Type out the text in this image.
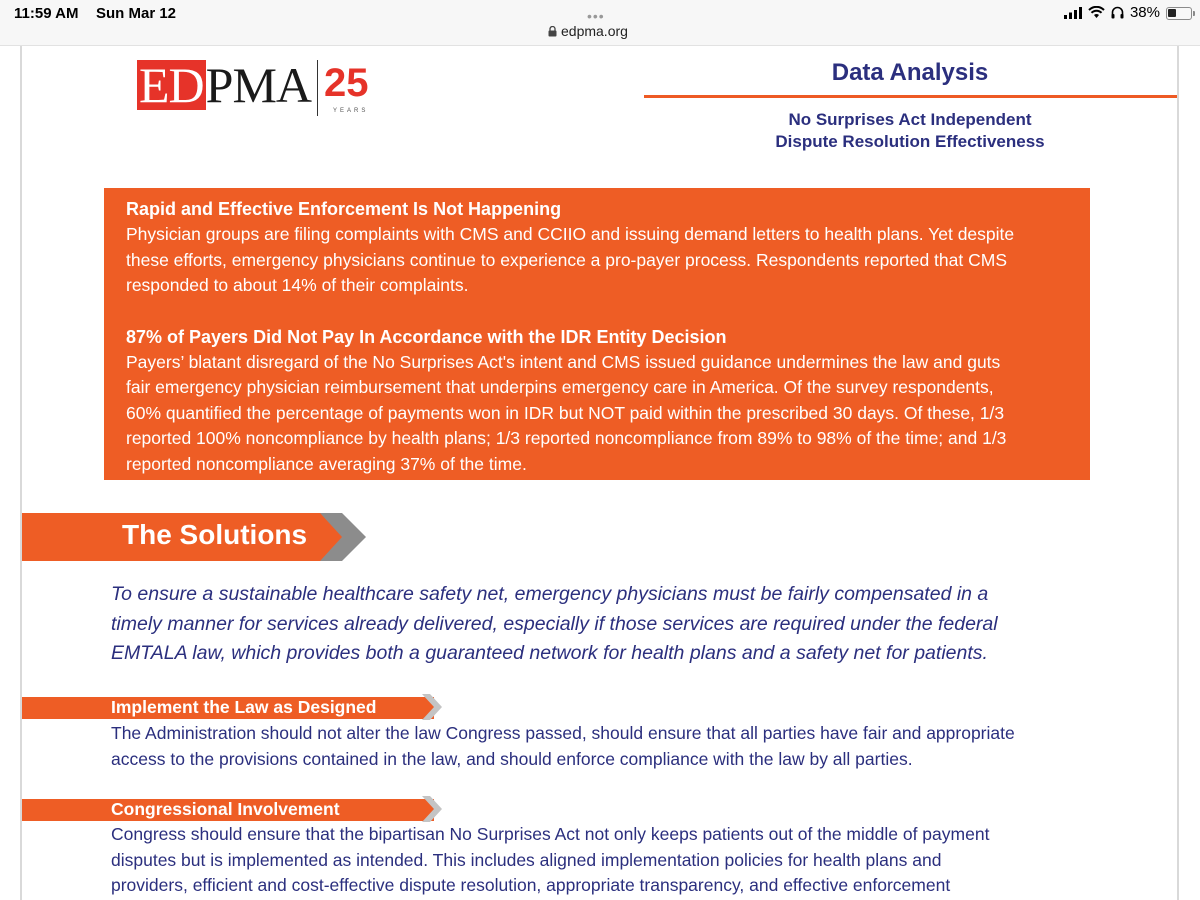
11:59 AM Sun Mar 12	•••
edpma.org
38%
ED PMA 25
YEARS
Data Analysis
No Surprises Act Independent
Dispute Resolution Effectiveness
Rapid and Effective Enforcement Is Not Happening
Physician groups are filing complaints with CMS and CCIIO and issuing demand letters to health plans. Yet despite
these efforts, emergency physicians continue to experience a pro-payer process. Respondents reported that CMS
responded to about 14% of their complaints.
87% of Payers Did Not Pay In Accordance with the IDR Entity Decision
Payers’ blatant disregard of the No Surprises Act's intent and CMS issued guidance undermines the law and guts
fair emergency physician reimbursement that underpins emergency care in America. Of the survey respondents,
60% quantified the percentage of payments won in IDR but NOT paid within the prescribed 30 days. Of these, 1/3
reported 100% noncompliance by health plans; 1/3 reported noncompliance from 89% to 98% of the time; and 1/3
reported noncompliance averaging 37% of the time.
The Solutions
To ensure a sustainable healthcare safety net, emergency physicians must be fairly compensated in a
timely manner for services already delivered, especially if those services are required under the federal
EMTALA law, which provides both a guaranteed network for health plans and a safety net for patients.
Implement the Law as Designed
The Administration should not alter the law Congress passed, should ensure that all parties have fair and appropriate
access to the provisions contained in the law, and should enforce compliance with the law by all parties.
Congressional Involvement
Congress should ensure that the bipartisan No Surprises Act not only keeps patients out of the middle of payment
disputes but is implemented as intended. This includes aligned implementation policies for health plans and
providers, efficient and cost-effective dispute resolution, appropriate transparency, and effective enforcement
